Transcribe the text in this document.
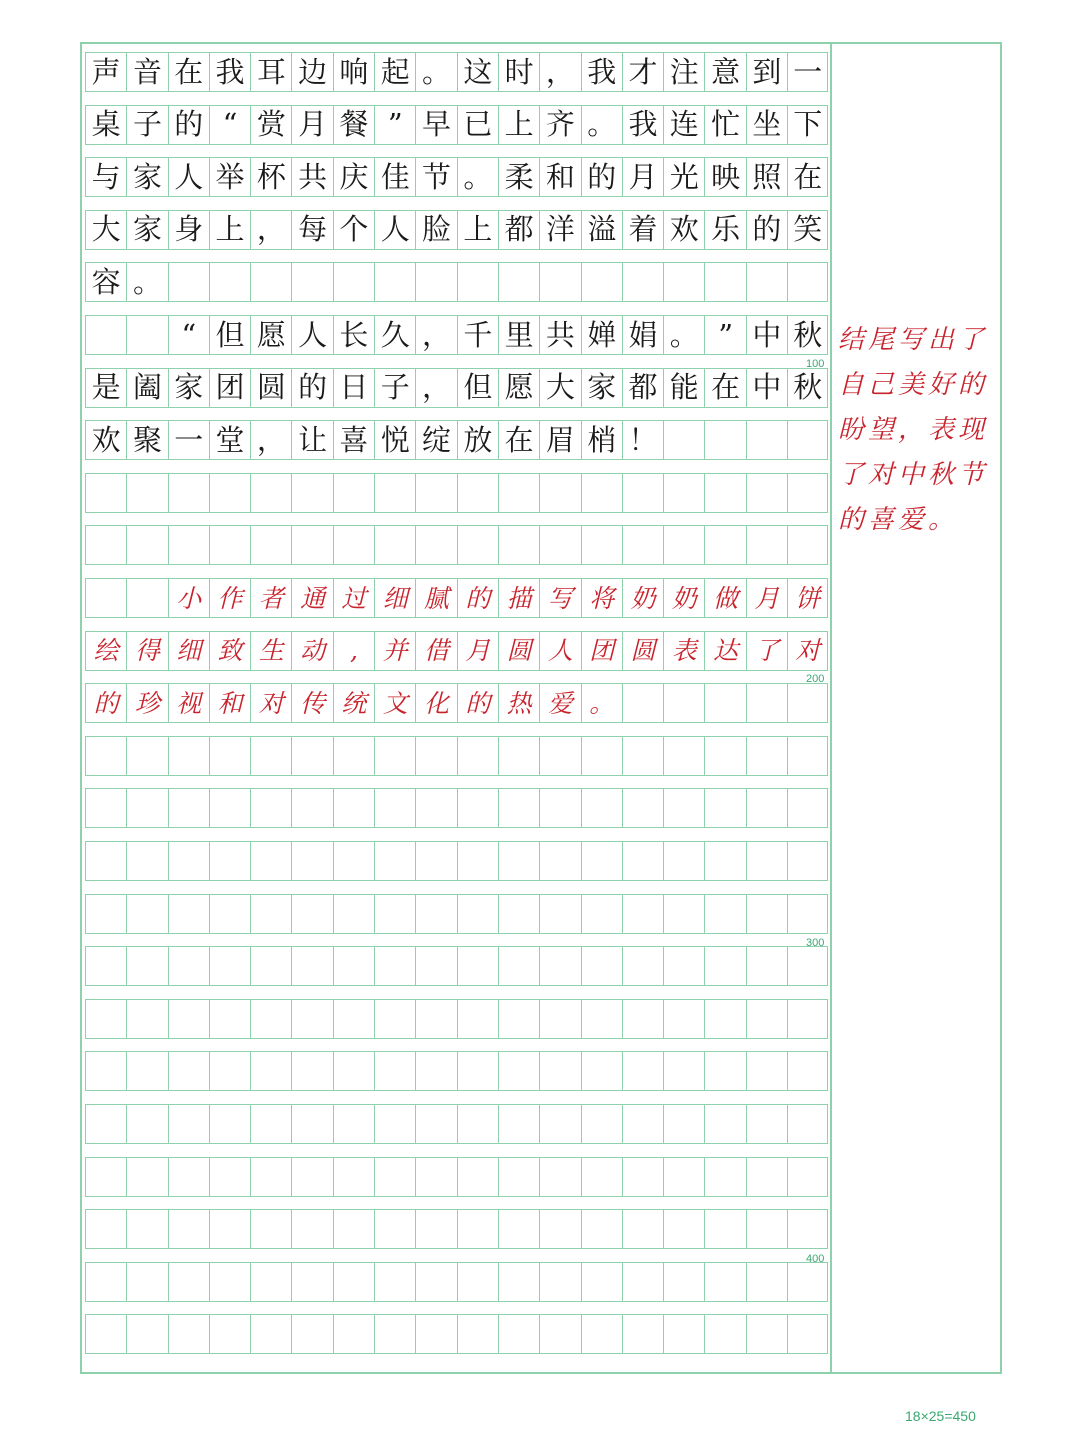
声 音 在 我 耳 边 响 起 。 这 时 ， 我 才 注 意 到 一
桌 子 的 “ 赏 月 餐 ” 早 已 上 齐 。 我 连 忙 坐 下
与 家 人 举 杯 共 庆 佳 节 。 柔 和 的 月 光 映 照 在
大 家 身 上 ， 每 个 人 脸 上 都 洋 溢 着 欢 乐 的 笑
容 。
“ 但 愿 人 长 久 ， 千 里 共 婵 娟 。 ” 中 秋
是 阖 家 团 圆 的 日 子 ， 但 愿 大 家 都 能 在 中 秋
欢 聚 一 堂 ， 让 喜 悦 绽 放 在 眉 梢 ！
小 作 者 通 过 细 腻 的 描 写 将 奶 奶 做 月 饼
绘 得 细 致 生 动 , 并 借 月 圆 人 团 圆 表 达 了 对
的 珍 视 和 对 传 统 文 化 的 热 爱 。
100
200
300
400
结尾写出了
自己美好的
盼望，表现
了对中秋节
的喜爱。
18×25=450
